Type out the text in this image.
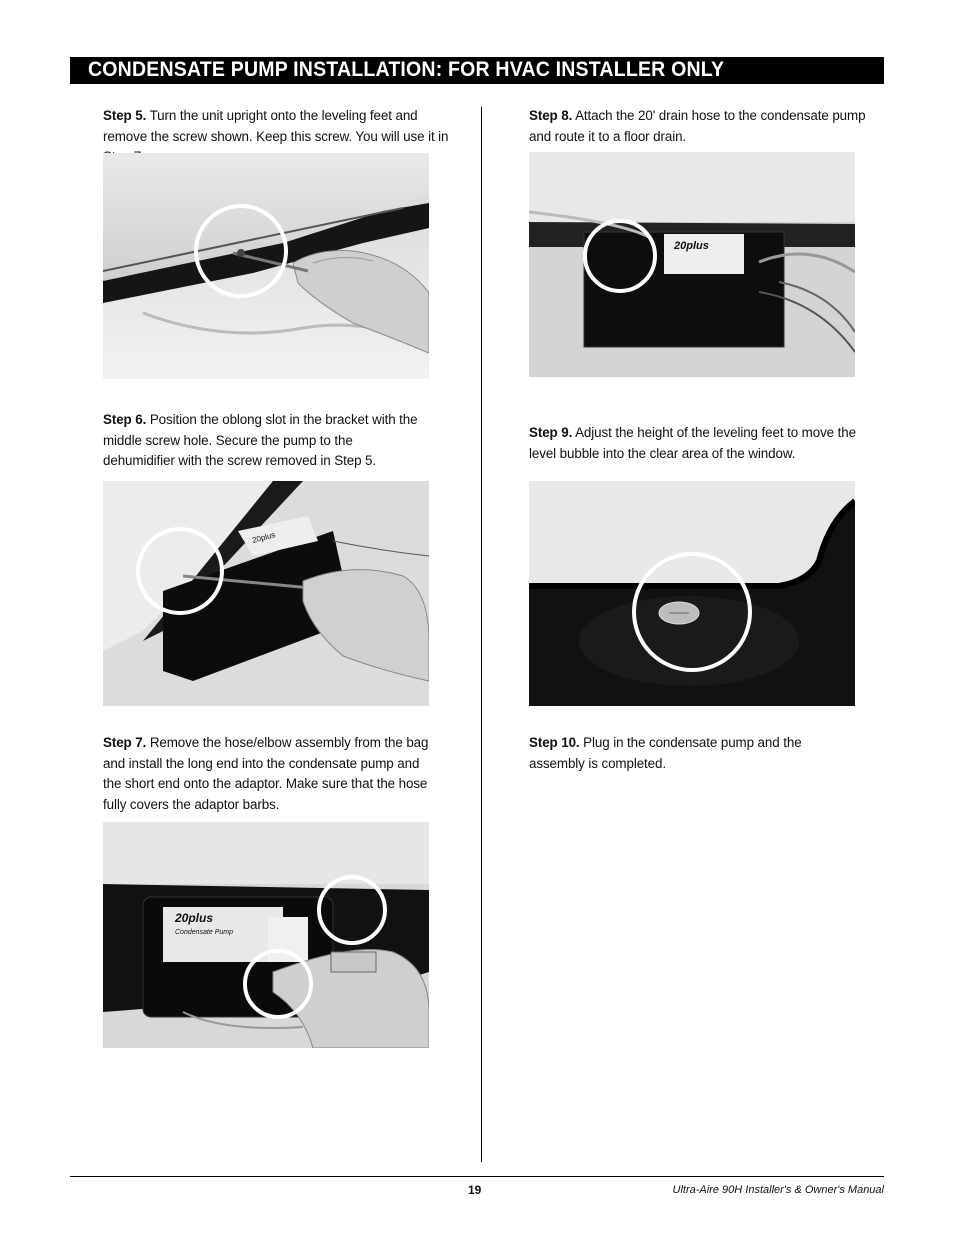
CONDENSATE PUMP INSTALLATION: FOR HVAC INSTALLER ONLY
Step 5. Turn the unit upright onto the leveling feet and remove the screw shown. Keep this screw. You will use it in
Step 6. Position the oblong slot in the bracket with the middle screw hole. Secure the pump to the dehumidifier with the screw removed in Step 5.
20plus
Step 7. Remove the hose/elbow assembly from the bag and install the long end into the condensate pump and the short end onto the adaptor. Make sure that the hose fully covers the adaptor barbs.
20plus
Condensate Pump
Step 8. Attach the 20' drain hose to the condensate pump and route it to a floor drain.
20plus
Step 9. Adjust the height of the leveling feet to move the level bubble into the clear area of the window.
Step 10. Plug in the condensate pump and the assembly is completed.
19	Ultra-Aire 90H Installer's & Owner's Manual
